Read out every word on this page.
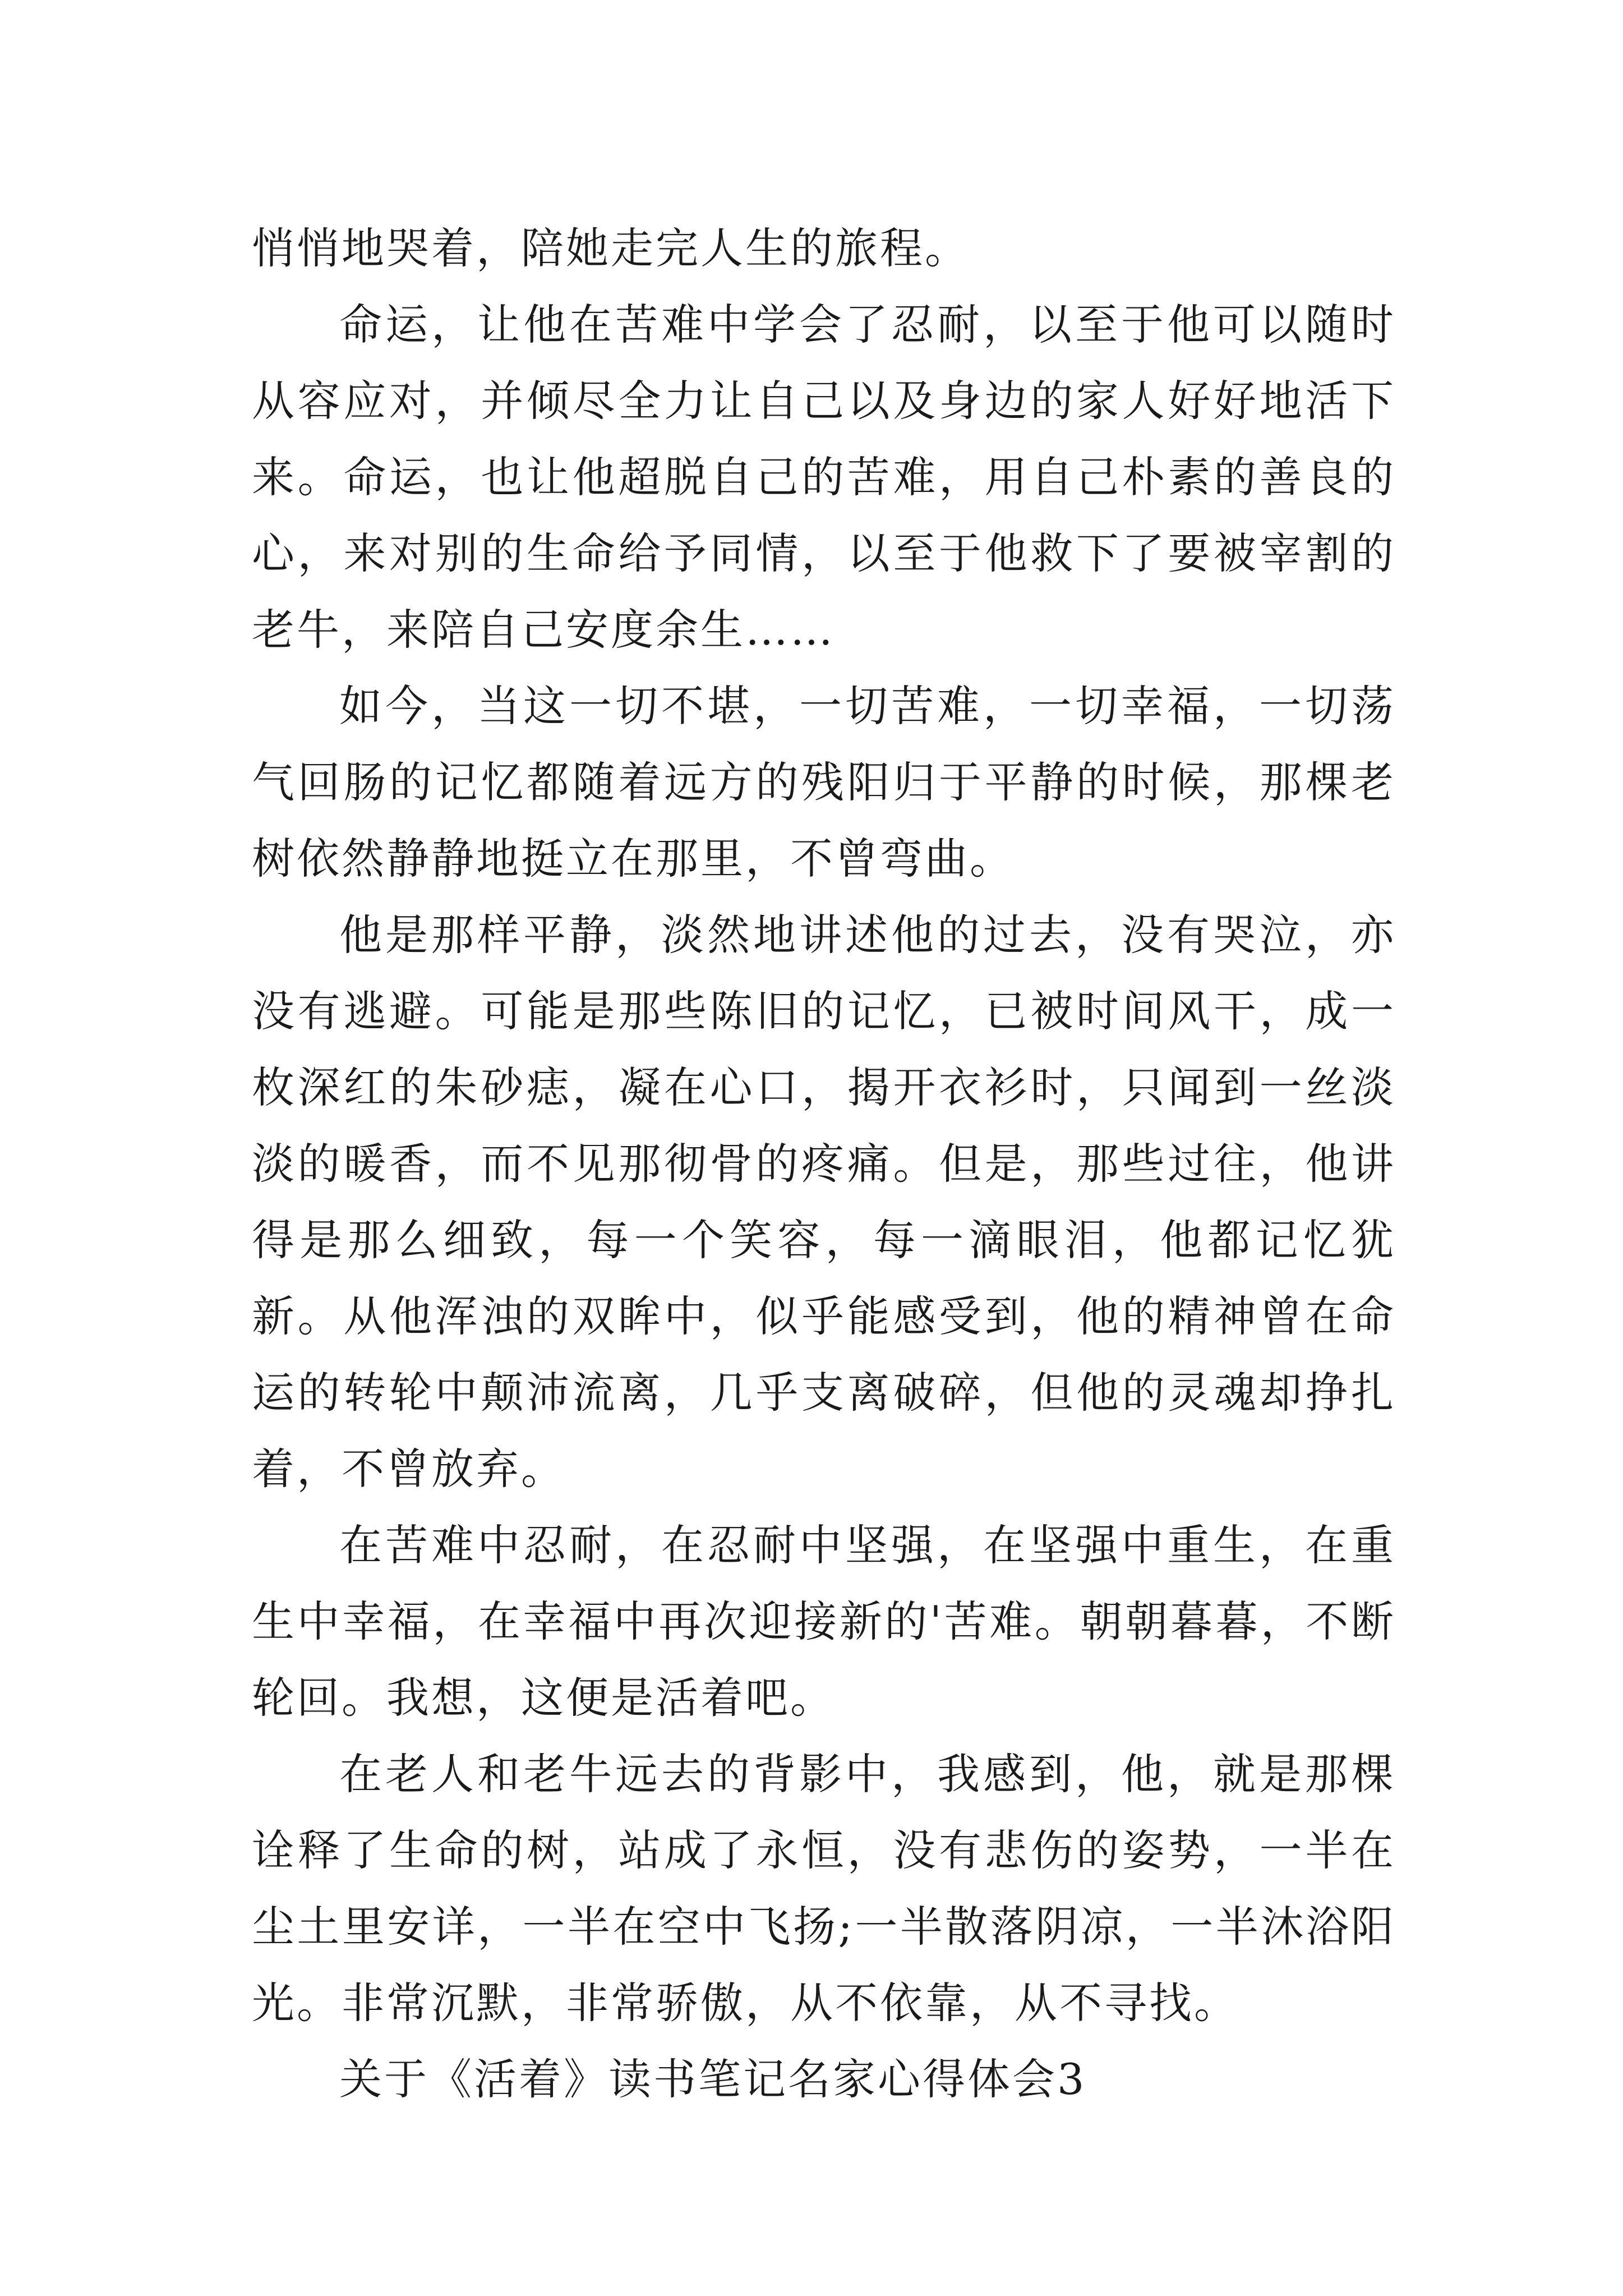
悄悄地哭着，陪她走完人生的旅程。

命运，让他在苦难中学会了忍耐，以至于他可以随时从容应对，并倾尽全力让自己以及身边的家人好好地活下来。命运，也让他超脱自己的苦难，用自己朴素的善良的心，来对别的生命给予同情，以至于他救下了要被宰割的老牛，来陪自己安度余生……

如今，当这一切不堪，一切苦难，一切幸福，一切荡气回肠的记忆都随着远方的残阳归于平静的时候，那棵老树依然静静地挺立在那里，不曾弯曲。

他是那样平静，淡然地讲述他的过去，没有哭泣，亦没有逃避。可能是那些陈旧的记忆，已被时间风干，成一枚深红的朱砂痣，凝在心口，揭开衣衫时，只闻到一丝淡淡的暖香，而不见那彻骨的疼痛。但是，那些过往，他讲得是那么细致，每一个笑容，每一滴眼泪，他都记忆犹新。从他浑浊的双眸中，似乎能感受到，他的精神曾在命运的转轮中颠沛流离，几乎支离破碎，但他的灵魂却挣扎着，不曾放弃。

在苦难中忍耐，在忍耐中坚强，在坚强中重生，在重生中幸福，在幸福中再次迎接新的'苦难。朝朝暮暮，不断轮回。我想，这便是活着吧。

在老人和老牛远去的背影中，我感到，他，就是那棵诠释了生命的树，站成了永恒，没有悲伤的姿势，一半在尘土里安详，一半在空中飞扬;一半散落阴凉，一半沐浴阳光。非常沉默，非常骄傲，从不依靠，从不寻找。

关于《活着》读书笔记名家心得体会3
